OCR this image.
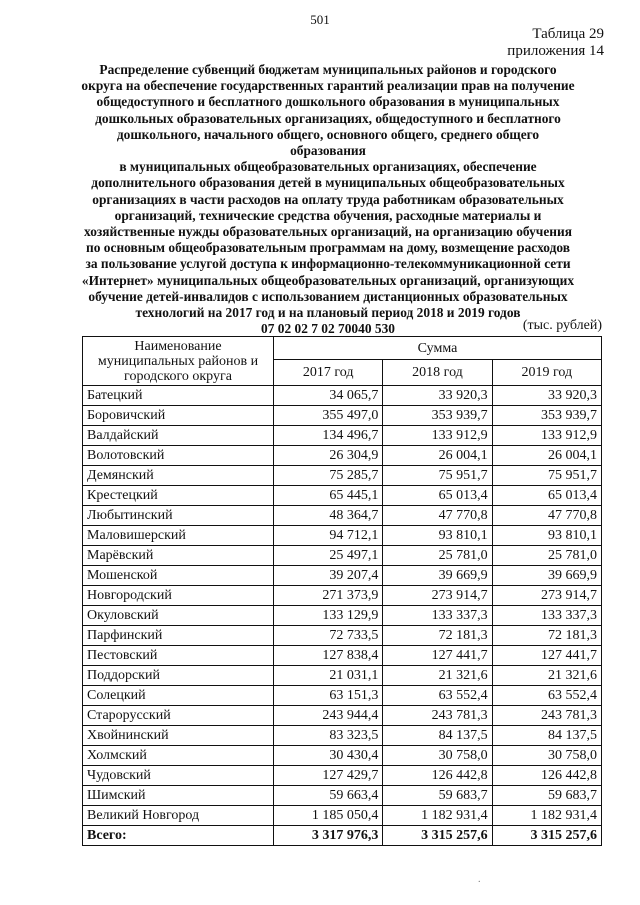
501
Таблица 29
приложения 14
Распределение субвенций бюджетам муниципальных районов и городского
округа на обеспечение государственных гарантий реализации прав на получение
общедоступного и бесплатного дошкольного образования в муниципальных
дошкольных образовательных организациях, общедоступного и бесплатного
дошкольного, начального общего, основного общего, среднего общего образования
в муниципальных общеобразовательных организациях, обеспечение
дополнительного образования детей в муниципальных общеобразовательных
организациях в части расходов на оплату труда работникам образовательных
организаций, технические средства обучения, расходные материалы и
хозяйственные нужды образовательных организаций, на организацию обучения
по основным общеобразовательным программам на дому, возмещение расходов
за пользование услугой доступа к информационно-телекоммуникационной сети
«Интернет» муниципальных общеобразовательных организаций, организующих
обучение детей-инвалидов с использованием дистанционных образовательных
технологий на 2017 год и на плановый период 2018 и 2019 годов
07 02 02 7 02 70040 530	(тыс. рублей)
Наименование муниципальных районов и городского округа	Сумма		
	2017 год	2018 год	2019 год
Батецкий	34 065,7	33 920,3	33 920,3
Боровичский	355 497,0	353 939,7	353 939,7
Валдайский	134 496,7	133 912,9	133 912,9
Волотовский	26 304,9	26 004,1	26 004,1
Демянский	75 285,7	75 951,7	75 951,7
Крестецкий	65 445,1	65 013,4	65 013,4
Любытинский	48 364,7	47 770,8	47 770,8
Маловишерский	94 712,1	93 810,1	93 810,1
Марёвский	25 497,1	25 781,0	25 781,0
Мошенской	39 207,4	39 669,9	39 669,9
Новгородский	271 373,9	273 914,7	273 914,7
Окуловский	133 129,9	133 337,3	133 337,3
Парфинский	72 733,5	72 181,3	72 181,3
Пестовский	127 838,4	127 441,7	127 441,7
Поддорский	21 031,1	21 321,6	21 321,6
Солецкий	63 151,3	63 552,4	63 552,4
Старорусский	243 944,4	243 781,3	243 781,3
Хвойнинский	83 323,5	84 137,5	84 137,5
Холмский	30 430,4	30 758,0	30 758,0
Чудовский	127 429,7	126 442,8	126 442,8
Шимский	59 663,4	59 683,7	59 683,7
Великий Новгород	1 185 050,4	1 182 931,4	1 182 931,4
Всего:	3 317 976,3	3 315 257,6	3 315 257,6
.
